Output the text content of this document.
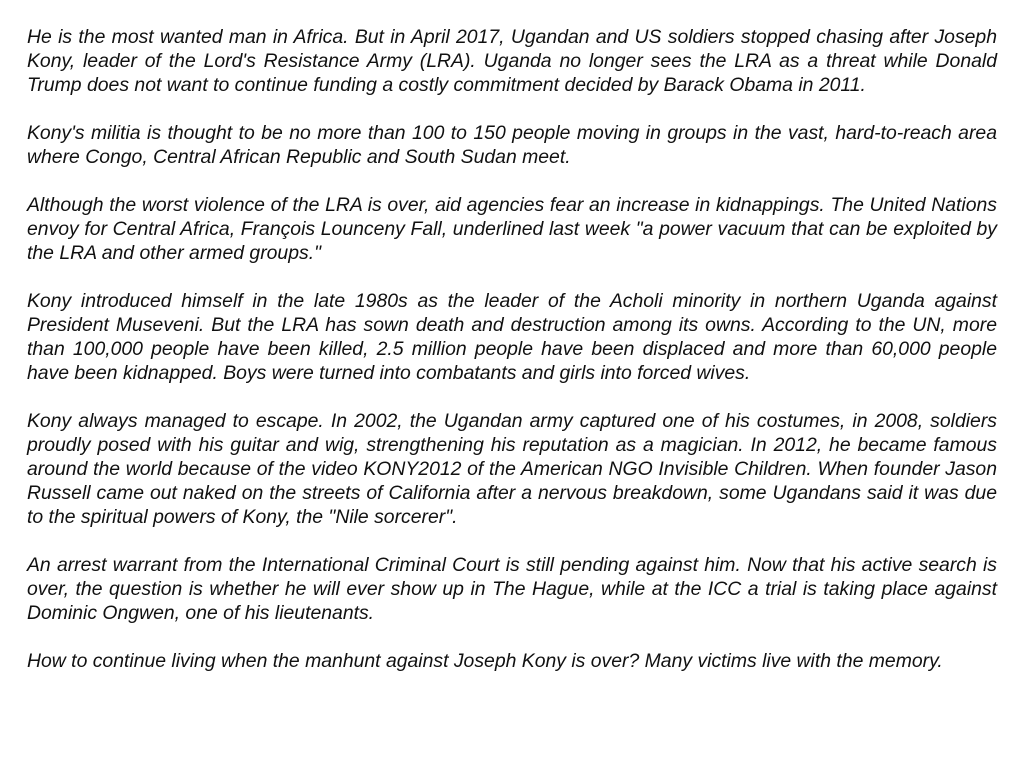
He is the most wanted man in Africa. But in April 2017, Ugandan and US soldiers stopped chasing after Joseph Kony, leader of the Lord's Resistance Army (LRA). Uganda no longer sees the LRA as a threat while Donald Trump does not want to continue funding a costly commitment decided by Barack Obama in 2011.

Kony's militia is thought to be no more than 100 to 150 people moving in groups in the vast, hard-to-reach area where Congo, Central African Republic and South Sudan meet.

Although the worst violence of the LRA is over, aid agencies fear an increase in kidnappings. The United Nations envoy for Central Africa, François Lounceny Fall, underlined last week "a power vacuum that can be exploited by the LRA and other armed groups."

Kony introduced himself in the late 1980s as the leader of the Acholi minority in northern Uganda against President Museveni. But the LRA has sown death and destruction among its owns. According to the UN, more than 100,000 people have been killed, 2.5 million people have been displaced and more than 60,000 people have been kidnapped. Boys were turned into combatants and girls into forced wives.

Kony always managed to escape. In 2002, the Ugandan army captured one of his costumes, in 2008, soldiers proudly posed with his guitar and wig, strengthening his reputation as a magician. In 2012, he became famous around the world because of the video KONY2012 of the American NGO Invisible Children. When founder Jason Russell came out naked on the streets of California after a nervous breakdown, some Ugandans said it was due to the spiritual powers of Kony, the "Nile sorcerer".

An arrest warrant from the International Criminal Court is still pending against him. Now that his active search is over, the question is whether he will ever show up in The Hague, while at the ICC a trial is taking place against Dominic Ongwen, one of his lieutenants.

How to continue living when the manhunt against Joseph Kony is over? Many victims live with the memory.
